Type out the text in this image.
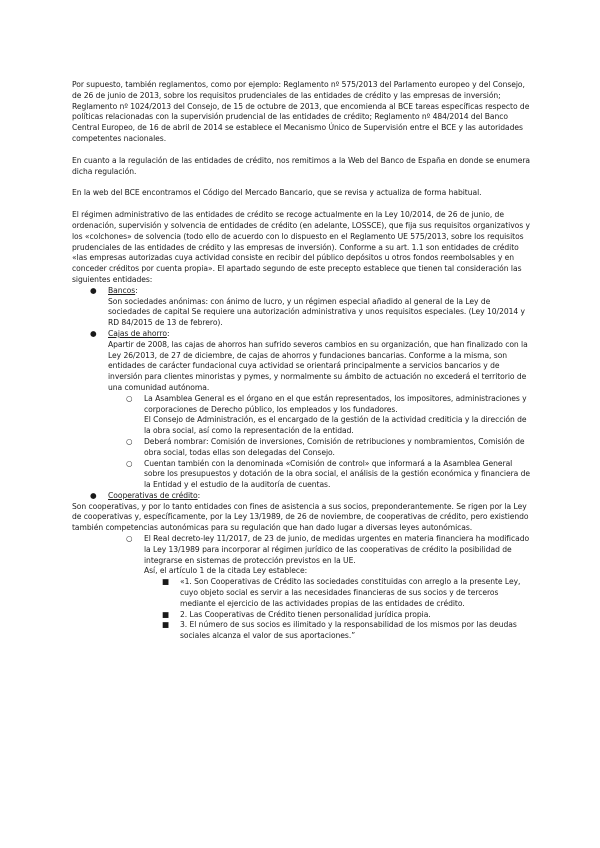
Por supuesto, también reglamentos, como por ejemplo: Reglamento nº 575/2013 del Parlamento europeo y del Consejo, de 26 de junio de 2013, sobre los requisitos prudenciales de las entidades de crédito y las empresas de inversión; Reglamento nº 1024/2013 del Consejo, de 15 de octubre de 2013, que encomienda al BCE tareas específicas respecto de políticas relacionadas con la supervisión prudencial de las entidades de crédito; Reglamento nº 484/2014 del Banco Central Europeo, de 16 de abril de 2014 se establece el Mecanismo Único de Supervisión entre el BCE y las autoridades competentes nacionales.

En cuanto a la regulación de las entidades de crédito, nos remitimos a la Web del Banco de España en donde se enumera dicha regulación.

En la web del BCE encontramos el Código del Mercado Bancario, que se revisa y actualiza de forma habitual.

El régimen administrativo de las entidades de crédito se recoge actualmente en la Ley 10/2014, de 26 de junio, de ordenación, supervisión y solvencia de entidades de crédito (en adelante, LOSSCE), que fija sus requisitos organizativos y los «colchones» de solvencia (todo ello de acuerdo con lo dispuesto en el Reglamento UE 575/2013, sobre los requisitos prudenciales de las entidades de crédito y las empresas de inversión). Conforme a su art. 1.1 son entidades de crédito «las empresas autorizadas cuya actividad consiste en recibir del público depósitos u otros fondos reembolsables y en conceder créditos por cuenta propia». El apartado segundo de este precepto establece que tienen tal consideración las siguientes entidades:

● Bancos:
Son sociedades anónimas: con ánimo de lucro, y un régimen especial añadido al general de la Ley de sociedades de capital Se requiere una autorización administrativa y unos requisitos especiales. (Ley 10/2014 y RD 84/2015 de 13 de febrero).
● Cajas de ahorro:
Apartir de 2008, las cajas de ahorros han sufrido severos cambios en su organización, que han finalizado con la Ley 26/2013, de 27 de diciembre, de cajas de ahorros y fundaciones bancarias. Conforme a la misma, son entidades de carácter fundacional cuya actividad se orientará principalmente a servicios bancarios y de inversión para clientes minoristas y pymes, y normalmente su ámbito de actuación no excederá el territorio de una comunidad autónoma.
○ La Asamblea General es el órgano en el que están representados, los impositores, administraciones y corporaciones de Derecho público, los empleados y los fundadores.
El Consejo de Administración, es el encargado de la gestión de la actividad crediticia y la dirección de la obra social, así como la representación de la entidad.
○ Deberá nombrar: Comisión de inversiones, Comisión de retribuciones y nombramientos, Comisión de obra social, todas ellas son delegadas del Consejo.
○ Cuentan también con la denominada «Comisión de control» que informará a la Asamblea General sobre los presupuestos y dotación de la obra social, el análisis de la gestión económica y financiera de la Entidad y el estudio de la auditoría de cuentas.
● Cooperativas de crédito:
Son cooperativas, y por lo tanto entidades con fines de asistencia a sus socios, preponderantemente. Se rigen por la Ley de cooperativas y, específicamente, por la Ley 13/1989, de 26 de noviembre, de cooperativas de crédito, pero existiendo también competencias autonómicas para su regulación que han dado lugar a diversas leyes autonómicas.
○ El Real decreto-ley 11/2017, de 23 de junio, de medidas urgentes en materia financiera ha modificado la Ley 13/1989 para incorporar al régimen jurídico de las cooperativas de crédito la posibilidad de integrarse en sistemas de protección previstos en la UE.
Así, el artículo 1 de la citada Ley establece:
■ «1. Son Cooperativas de Crédito las sociedades constituidas con arreglo a la presente Ley, cuyo objeto social es servir a las necesidades financieras de sus socios y de terceros mediante el ejercicio de las actividades propias de las entidades de crédito.
■ 2. Las Cooperativas de Crédito tienen personalidad jurídica propia.
■ 3. El número de sus socios es ilimitado y la responsabilidad de los mismos por las deudas sociales alcanza el valor de sus aportaciones.”
